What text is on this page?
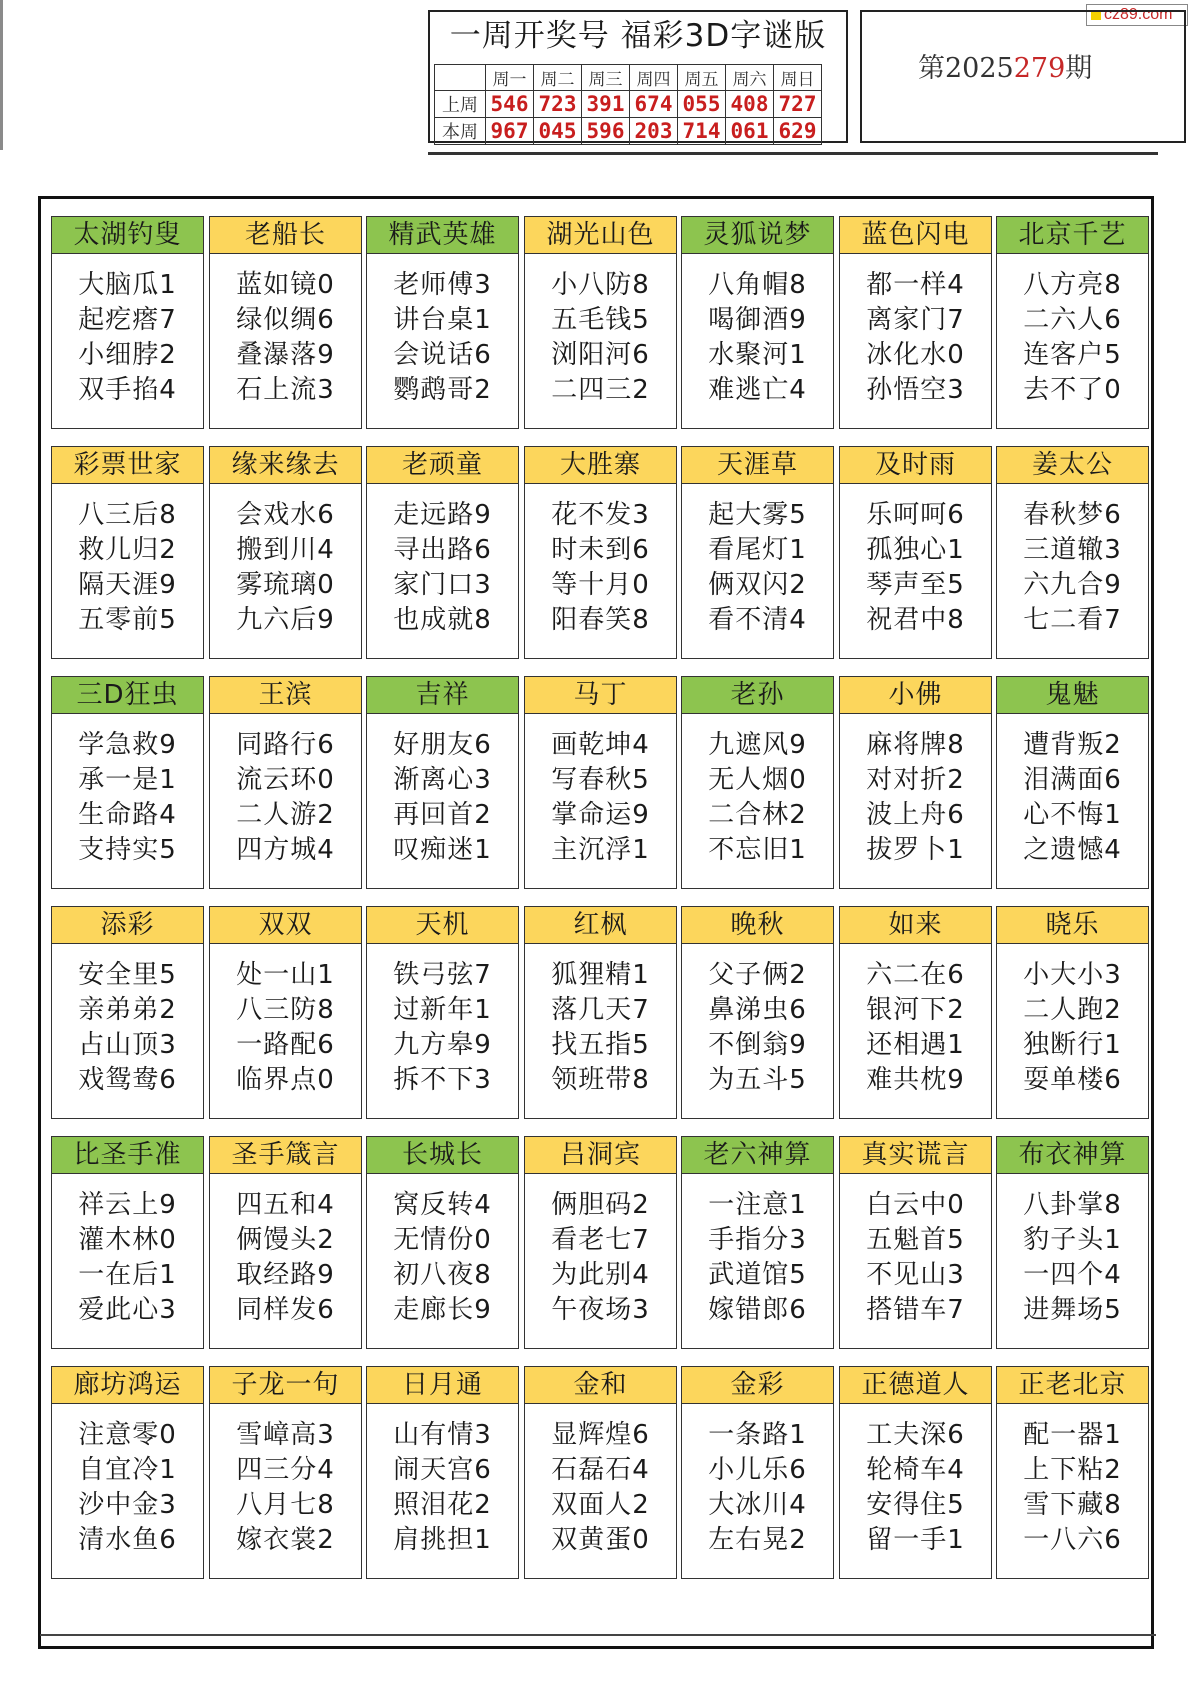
cz89.com
一周开奖号 福彩3D字谜版
	周一	周二	周三	周四	周五	周六	周日
上周	546	723	391	674	055	408	727
本周	967	045	596	203	714	061	629
第2025279期
太湖钓叟
大脑瓜1
起疙瘩7
小细脖2
双手掐4
老船长
蓝如镜0
绿似绸6
叠瀑落9
石上流3
精武英雄
老师傅3
讲台桌1
会说话6
鹦鹉哥2
湖光山色
小八防8
五毛钱5
浏阳河6
二四三2
灵狐说梦
八角帽8
喝御酒9
水聚河1
难逃亡4
蓝色闪电
都一样4
离家门7
冰化水0
孙悟空3
北京千艺
八方亮8
二六人6
连客户5
去不了0
彩票世家
八三后8
救儿归2
隔天涯9
五零前5
缘来缘去
会戏水6
搬到川4
雾琉璃0
九六后9
老顽童
走远路9
寻出路6
家门口3
也成就8
大胜寨
花不发3
时未到6
等十月0
阳春笑8
天涯草
起大雾5
看尾灯1
俩双闪2
看不清4
及时雨
乐呵呵6
孤独心1
琴声至5
祝君中8
姜太公
春秋梦6
三道辙3
六九合9
七二看7
三D狂虫
学急救9
承一是1
生命路4
支持实5
王滨
同路行6
流云环0
二人游2
四方城4
吉祥
好朋友6
渐离心3
再回首2
叹痴迷1
马丁
画乾坤4
写春秋5
掌命运9
主沉浮1
老孙
九遮风9
无人烟0
二合林2
不忘旧1
小佛
麻将牌8
对对折2
波上舟6
拔罗卜1
鬼魅
遭背叛2
泪满面6
心不悔1
之遗憾4
添彩
安全里5
亲弟弟2
占山顶3
戏鸳鸯6
双双
处一山1
八三防8
一路配6
临界点0
天机
铁弓弦7
过新年1
九方皋9
拆不下3
红枫
狐狸精1
落几天7
找五指5
领班带8
晚秋
父子俩2
鼻涕虫6
不倒翁9
为五斗5
如来
六二在6
银河下2
还相遇1
难共枕9
晓乐
小大小3
二人跑2
独断行1
耍单楼6
比圣手准
祥云上9
灌木林0
一在后1
爱此心3
圣手箴言
四五和4
俩馒头2
取经路9
同样发6
长城长
窝反转4
无情份0
初八夜8
走廊长9
吕洞宾
俩胆码2
看老七7
为此别4
午夜场3
老六神算
一注意1
手指分3
武道馆5
嫁错郎6
真实谎言
白云中0
五魁首5
不见山3
搭错车7
布衣神算
八卦掌8
豹子头1
一四个4
进舞场5
廊坊鸿运
注意零0
自宜冷1
沙中金3
清水鱼6
子龙一句
雪嶂高3
四三分4
八月七8
嫁衣裳2
日月通
山有情3
闹天宫6
照泪花2
肩挑担1
金和
显辉煌6
石磊石4
双面人2
双黄蛋0
金彩
一条路1
小儿乐6
大冰川4
左右晃2
正德道人
工夫深6
轮椅车4
安得住5
留一手1
正老北京
配一器1
上下粘2
雪下藏8
一八六6
